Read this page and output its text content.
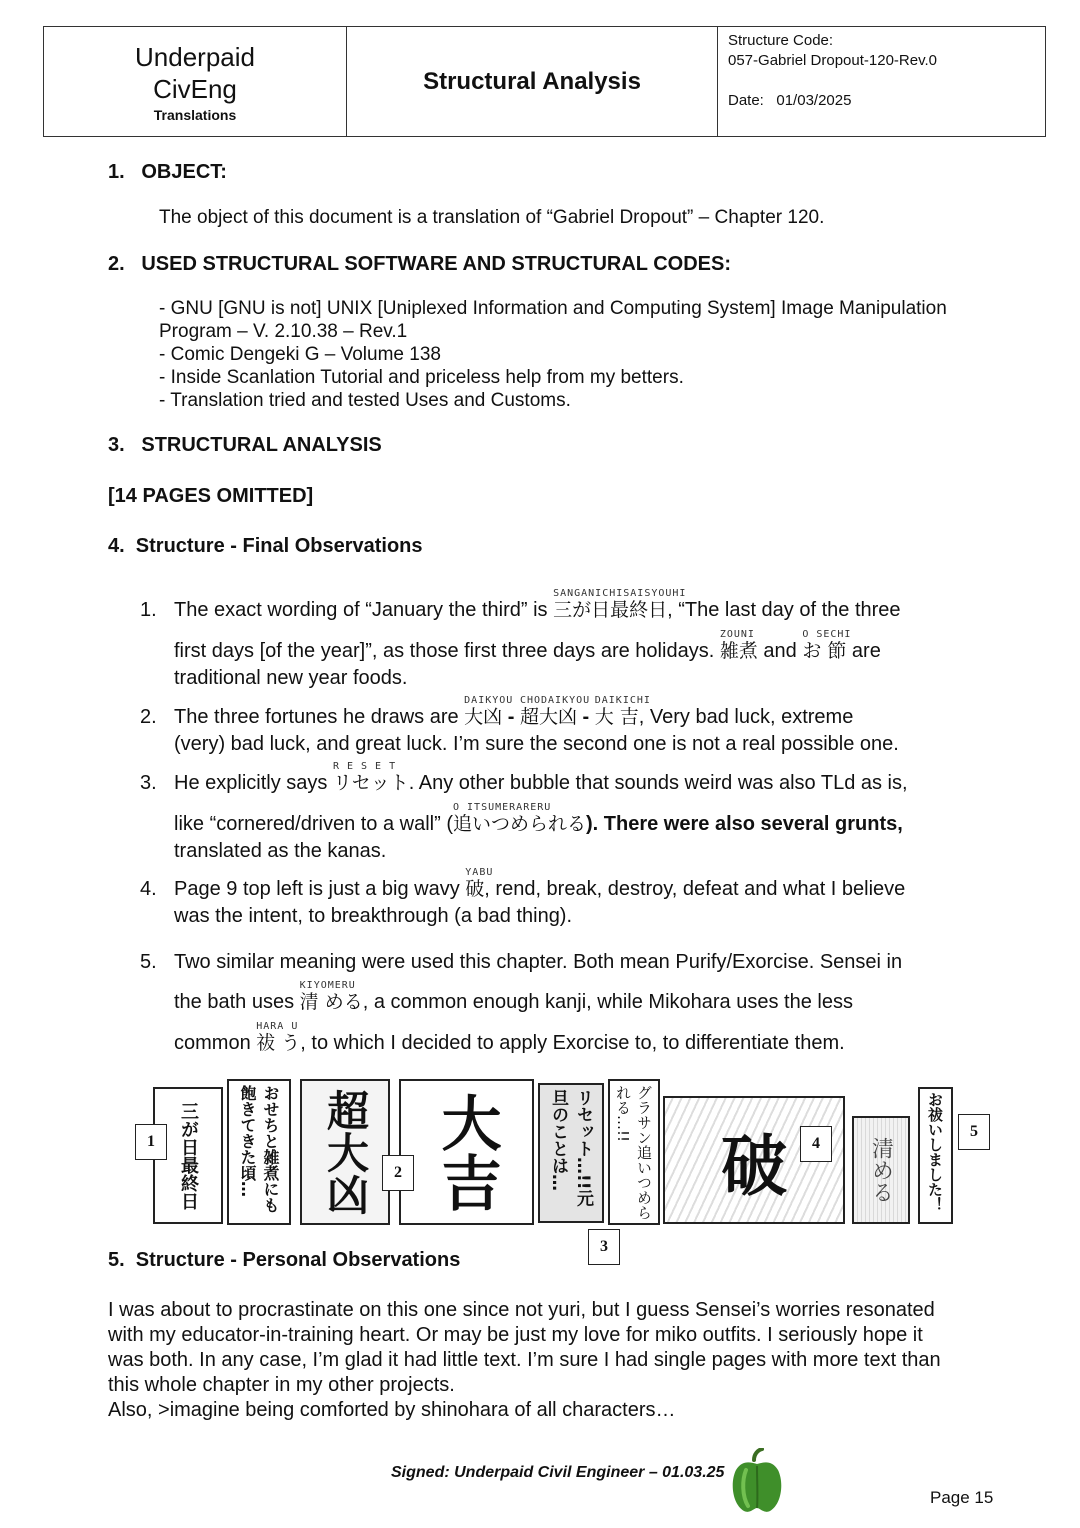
Underpaid
CivEng
Translations
Structural Analysis
Structure Code:
057-Gabriel Dropout-120-Rev.0
Date: 01/03/2025
1.   OBJECT:
The object of this document is a translation of “Gabriel Dropout” – Chapter 120.
2.   USED STRUCTURAL SOFTWARE AND STRUCTURAL CODES:
- GNU [GNU is not] UNIX [Uniplexed Information and Computing System] Image Manipulation
Program – V. 2.10.38 – Rev.1
- Comic Dengeki G – Volume 138
- Inside Scanlation Tutorial and priceless help from my betters.
- Translation tried and tested Uses and Customs.
3.   STRUCTURAL ANALYSIS
[14 PAGES OMITTED]
4.  Structure - Final Observations
1. The exact wording of “January the third” is
SANGANICHISAISYOUHI
三が日最終日, “The last day of the three
first days [of the year]”, as those first three days are holidays.
ZOUNI
雑煮 and
O SECHI
お 節 are
traditional new year foods.
2. The three fortunes he draws are
DAIKYOU
大凶 -
CHODAIKYOU
超大凶 -
DAIKICHI
大 吉, Very bad luck, extreme
(very) bad luck, and great luck. I’m sure the second one is not a real possible one.
3. He explicitly says
R E S E T
リセット. Any other bubble that sounds weird was also TLd as is,
like “cornered/driven to a wall” (
O ITSUMERARERU
追いつめられる). There were also several grunts,
translated as the kanas.
4. Page 9 top left is just a big wavy
YABU
破, rend, break, destroy, defeat and what I believe
was the intent, to breakthrough (a bad thing).
5. Two similar meaning were used this chapter. Both mean Purify/Exorcise. Sensei in
the bath uses
KIYOMERU
清 める, a common enough kanji, while Mikohara uses the less
common
HARA U
祓 う, to which I decided to apply Exorcise to, to differentiate them.
三が日最終日	おせちと雑煮にも飽きてきた頃…	超大凶 大吉	リセット…!!元旦のことは…	グラサン追いつめられる…!!
破	清める お祓いしました！
1
2
3
4
5
5.  Structure - Personal Observations
I was about to procrastinate on this one since not yuri, but I guess Sensei’s worries resonated
with my educator-in-training heart. Or may be just my love for miko outfits. I seriously hope it
was both. In any case, I’m glad it had little text. I’m sure I had single pages with more text than
this whole chapter in my other projects.
Also, >imagine being comforted by shinohara of all characters…
Signed: Underpaid Civil Engineer – 01.03.25
Page 15
